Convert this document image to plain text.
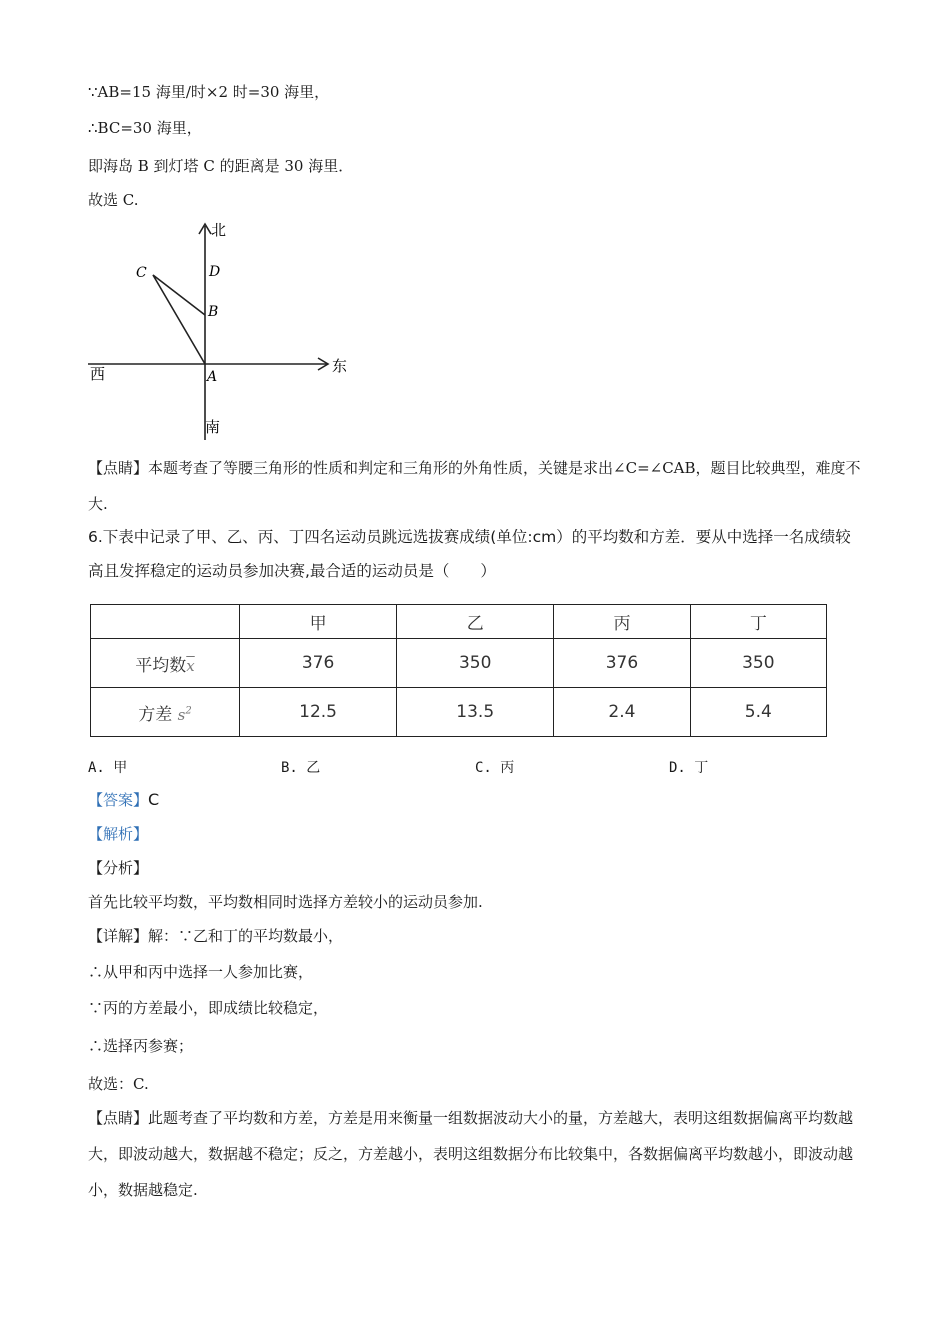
∵AB=15 海里/时×2 时=30 海里，
∴BC=30 海里，
即海岛 B 到灯塔 C 的距离是 30 海里．
故选 C.
北
南
东
西
C	D
B
A
【点睛】本题考查了等腰三角形的性质和判定和三角形的外角性质，关键是求出∠C=∠CAB，题目比较典型，难度不大.
6.下表中记录了甲、乙、丙、丁四名运动员跳远选拔赛成绩(单位:cm）的平均数和方差．要从中选择一名成绩较高且发挥稳定的运动员参加决赛,最合适的运动员是（　　）
	甲	乙	丙	丁
平均数$\overline{x}$	376	350	376	350
方差 $s^2$	12.5	13.5	2.4	5.4
A. 甲	B. 乙	C. 丙	D. 丁
【答案】C
【解析】
【分析】
首先比较平均数，平均数相同时选择方差较小的运动员参加.
【详解】解：∵乙和丁的平均数最小，
∴从甲和丙中选择一人参加比赛，
∵丙的方差最小，即成绩比较稳定，
∴选择丙参赛；
故选：C.
【点睛】此题考查了平均数和方差，方差是用来衡量一组数据波动大小的量，方差越大，表明这组数据偏离平均数越大，即波动越大，数据越不稳定；反之，方差越小，表明这组数据分布比较集中，各数据偏离平均数越小，即波动越小，数据越稳定.
